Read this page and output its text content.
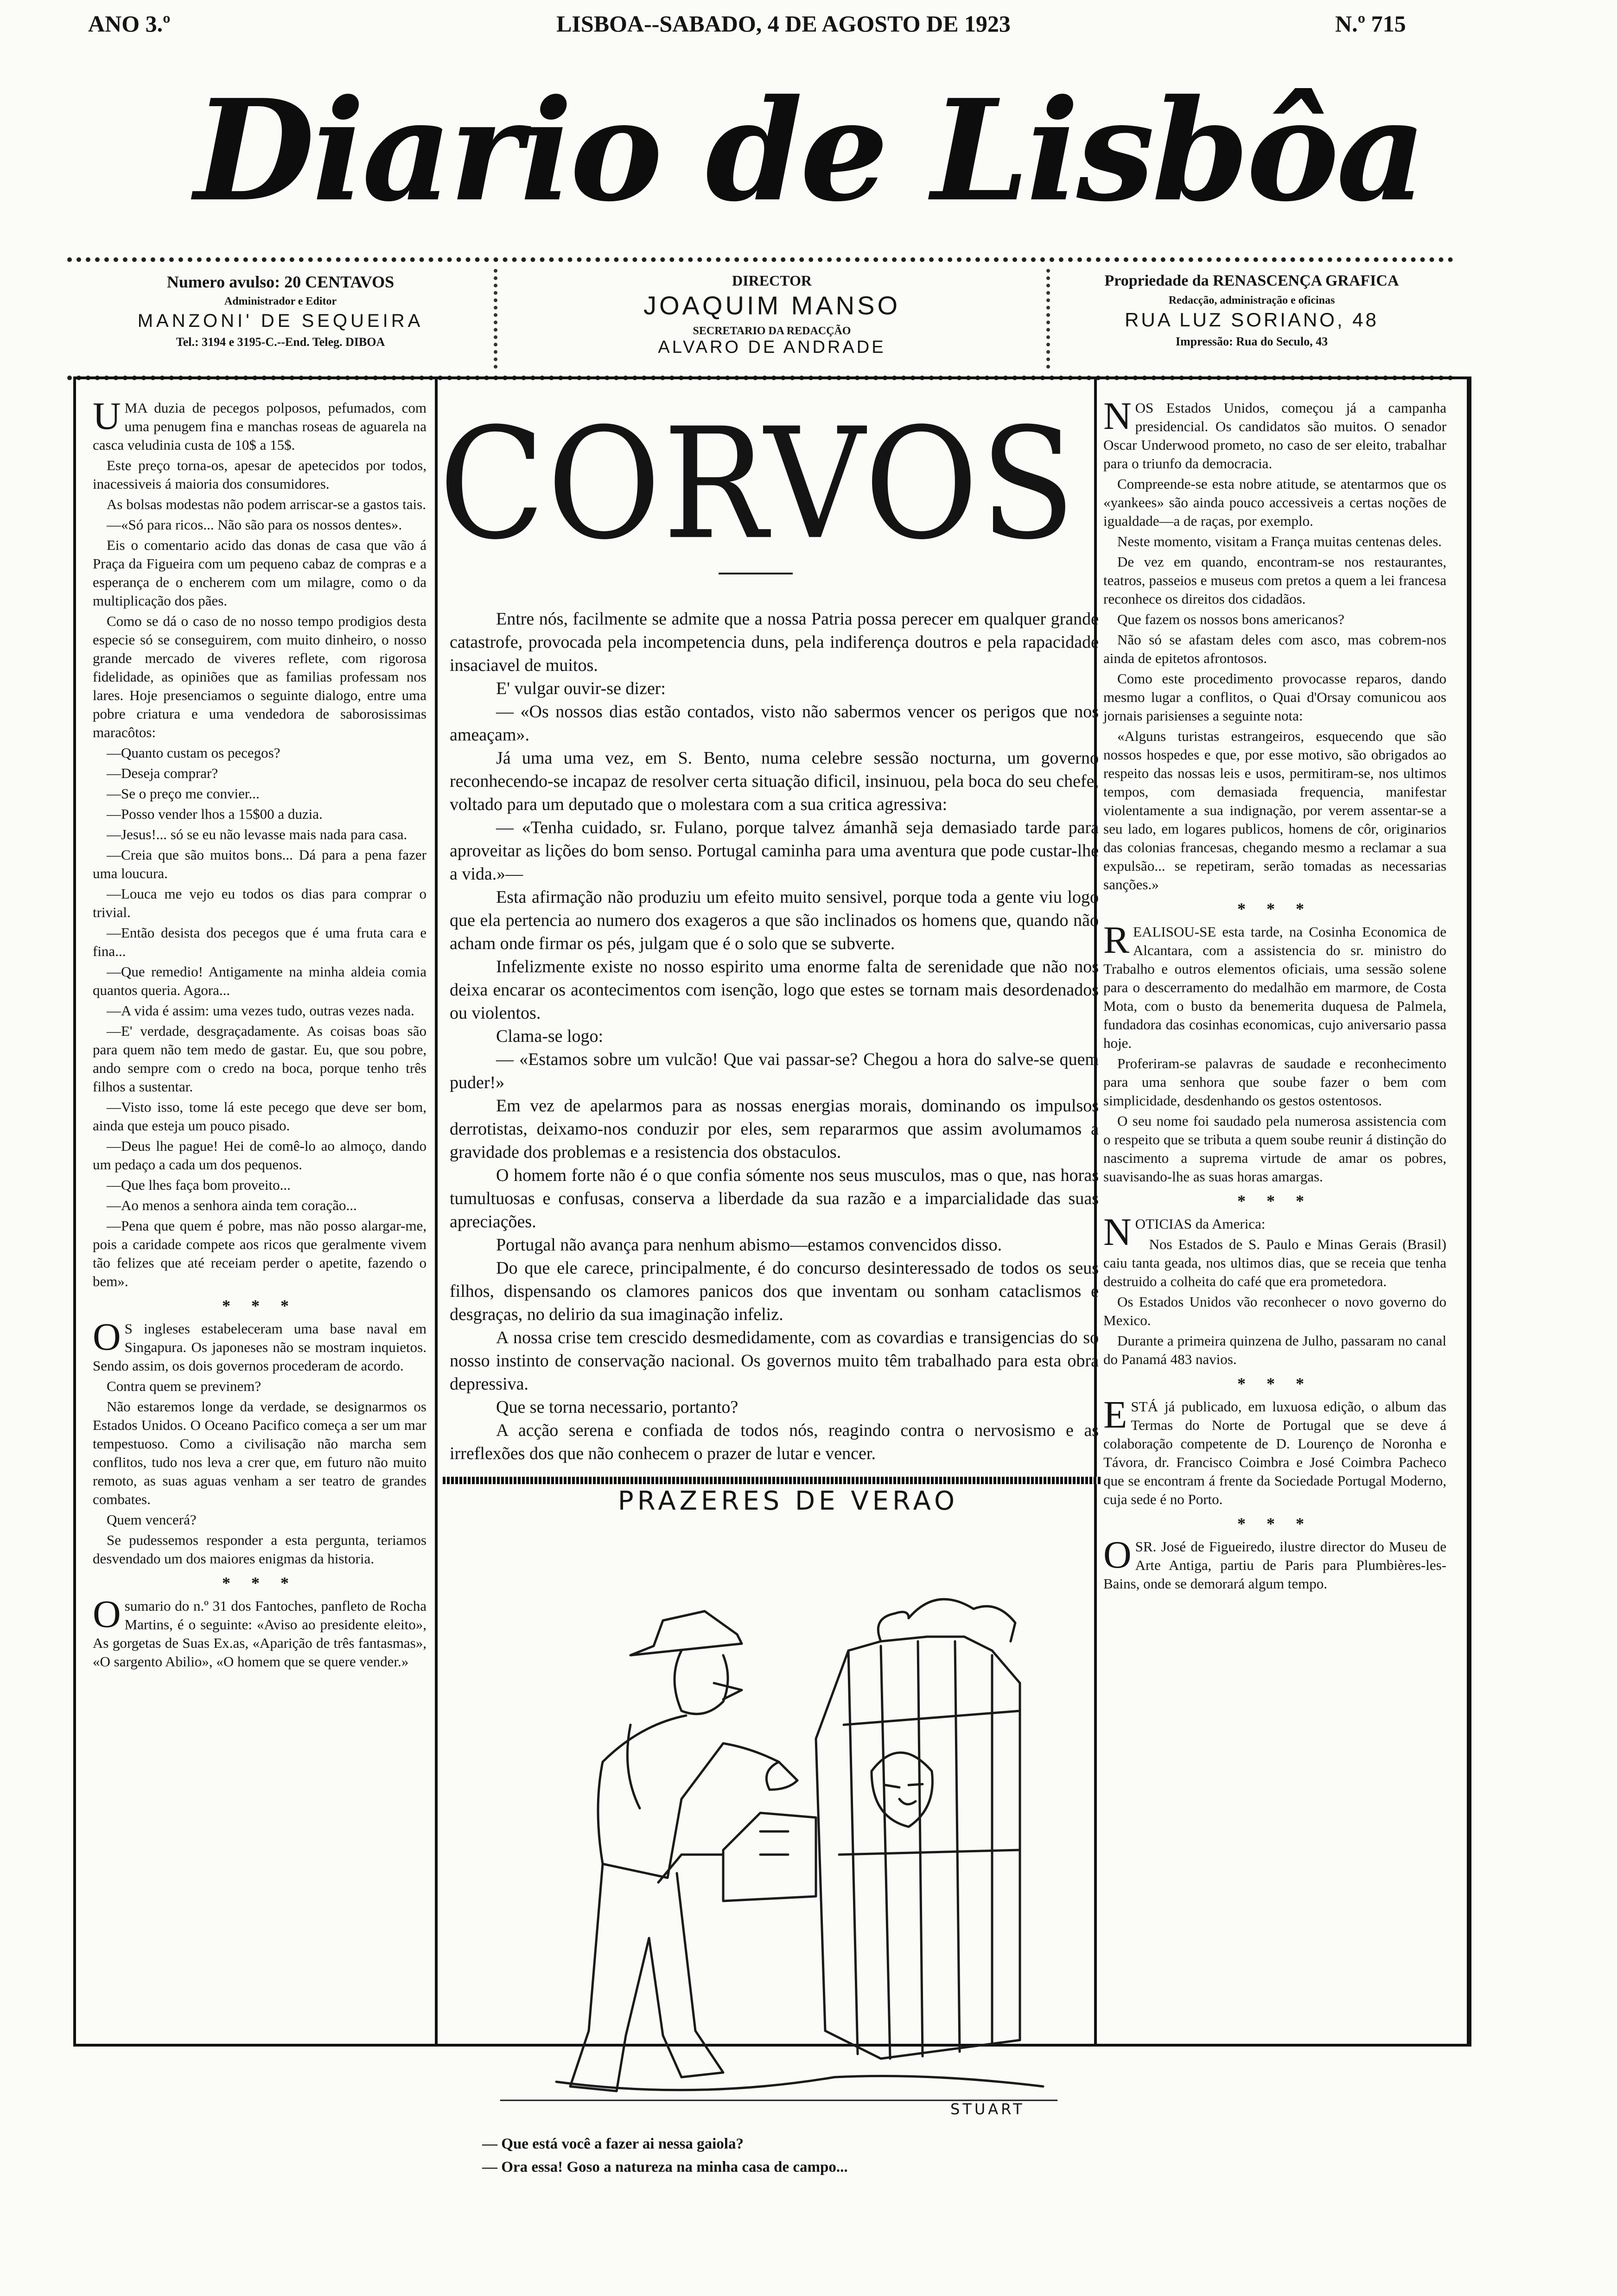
ANO 3.º	LISBOA--SABADO, 4 DE AGOSTO DE 1923	N.º 715
Diario de Lisbôa
Numero avulso: 20 CENTAVOS
Administrador e Editor
MANZONI' DE SEQUEIRA
Tel.: 3194 e 3195-C.--End. Teleg. DIBOA
DIRECTOR
JOAQUIM MANSO
SECRETARIO DA REDACÇÃO
ALVARO DE ANDRADE
Propriedade da RENASCENÇA GRAFICA
Redacção, administração e oficinas
RUA LUZ SORIANO, 48
Impressão: Rua do Seculo, 43

UMA duzia de pecegos polposos, pefumados, com uma penugem fina e manchas roseas de aguarela na casca veludinia custa de 10$ a 15$.

Este preço torna-os, apesar de apetecidos por todos, inacessiveis á maioria dos consumidores.

As bolsas modestas não podem arriscar-se a gastos tais.

—«Só para ricos... Não são para os nossos dentes».

Eis o comentario acido das donas de casa que vão á Praça da Figueira com um pequeno cabaz de compras e a esperança de o encherem com um milagre, como o da multiplicação dos pães.

Como se dá o caso de no nosso tempo prodigios desta especie só se conseguirem, com muito dinheiro, o nosso grande mercado de viveres reflete, com rigorosa fidelidade, as opiniões que as familias professam nos lares. Hoje presenciamos o seguinte dialogo, entre uma pobre criatura e uma vendedora de saborosissimas maracôtos:

—Quanto custam os pecegos?

—Deseja comprar?

—Se o preço me convier...

—Posso vender lhos a 15$00 a duzia.

—Jesus!... só se eu não levasse mais nada para casa.

—Creia que são muitos bons... Dá para a pena fazer uma loucura.

—Louca me vejo eu todos os dias para comprar o trivial.

—Então desista dos pecegos que é uma fruta cara e fina...

—Que remedio! Antigamente na minha aldeia comia quantos queria. Agora...

—A vida é assim: uma vezes tudo, outras vezes nada.

—E' verdade, desgraçadamente. As coisas boas são para quem não tem medo de gastar. Eu, que sou pobre, ando sempre com o credo na boca, porque tenho três filhos a sustentar.

—Visto isso, tome lá este pecego que deve ser bom, ainda que esteja um pouco pisado.

—Deus lhe pague! Hei de comê-lo ao almoço, dando um pedaço a cada um dos pequenos.

—Que lhes faça bom proveito...

—Ao menos a senhora ainda tem coração...

—Pena que quem é pobre, mas não posso alargar-me, pois a caridade compete aos ricos que geralmente vivem tão felizes que até receiam perder o apetite, fazendo o bem».

* * *

O S ingleses estabeleceram uma base naval em Singapura. Os japoneses não se mostram inquietos. Sendo assim, os dois governos procederam de acordo.

Contra quem se previnem?

Não estaremos longe da verdade, se designarmos os Estados Unidos. O Oceano Pacifico começa a ser um mar tempestuoso. Como a civilisação não marcha sem conflitos, tudo nos leva a crer que, em futuro não muito remoto, as suas aguas venham a ser teatro de grandes combates.

Quem vencerá?

Se pudessemos responder a esta pergunta, teriamos desvendado um dos maiores enigmas da historia.

* * *

Osumario do n.º 31 dos Fantoches, panfleto de Rocha Martins, é o seguinte: «Aviso ao presidente eleito», As gorgetas de Suas Ex.as, «Aparição de três fantasmas», «O sargento Abilio», «O homem que se quere vender.»

CORVOS

Entre nós, facilmente se admite que a nossa Patria possa perecer em qualquer grande catastrofe, provocada pela incompetencia duns, pela indiferença doutros e pela rapacidade insaciavel de muitos.

E' vulgar ouvir-se dizer:

— «Os nossos dias estão contados, visto não sabermos vencer os perigos que nos ameaçam».

Já uma uma vez, em S. Bento, numa celebre sessão nocturna, um governo reconhecendo-se incapaz de resolver certa situação dificil, insinuou, pela boca do seu chefe, voltado para um deputado que o molestara com a sua critica agressiva:

— «Tenha cuidado, sr. Fulano, porque talvez ámanhã seja demasiado tarde para aproveitar as lições do bom senso. Portugal caminha para uma aventura que pode custar-lhe a vida.»—

Esta afirmação não produziu um efeito muito sensivel, porque toda a gente viu logo que ela pertencia ao numero dos exageros a que são inclinados os homens que, quando não acham onde firmar os pés, julgam que é o solo que se subverte.

Infelizmente existe no nosso espirito uma enorme falta de serenidade que não nos deixa encarar os acontecimentos com isenção, logo que estes se tornam mais desordenados ou violentos.

Clama-se logo:

— «Estamos sobre um vulcão! Que vai passar-se? Chegou a hora do salve-se quem puder!»

Em vez de apelarmos para as nossas energias morais, dominando os impulsos derrotistas, deixamo-nos conduzir por eles, sem repararmos que assim avolumamos a gravidade dos problemas e a resistencia dos obstaculos.

O homem forte não é o que confia sómente nos seus musculos, mas o que, nas horas tumultuosas e confusas, conserva a liberdade da sua razão e a imparcialidade das suas apreciações.

Portugal não avança para nenhum abismo—estamos convencidos disso.

Do que ele carece, principalmente, é do concurso desinteressado de todos os seus filhos, dispensando os clamores panicos dos que inventam ou sonham cataclismos e desgraças, no delirio da sua imaginação infeliz.

A nossa crise tem crescido desmedidamente, com as covardias e transigencias do so nosso instinto de conservação nacional. Os governos muito têm trabalhado para esta obra depressiva.

Que se torna necessario, portanto?

A acção serena e confiada de todos nós, reagindo contra o nervosismo e as irreflexões dos que não conhecem o prazer de lutar e vencer.

PRAZERES DE VERAO
STUART
— Que está você a fazer ai nessa gaiola?
— Ora essa! Goso a natureza na minha casa de campo...

NOS Estados Unidos, começou já a campanha presidencial. Os candidatos são muitos. O senador Oscar Underwood prometo, no caso de ser eleito, trabalhar para o triunfo da democracia.

Compreende-se esta nobre atitude, se atentarmos que os «yankees» são ainda pouco accessiveis a certas noções de igualdade—a de raças, por exemplo.

Neste momento, visitam a França muitas centenas deles.

De vez em quando, encontram-se nos restaurantes, teatros, passeios e museus com pretos a quem a lei francesa reconhece os direitos dos cidadãos.

Que fazem os nossos bons americanos?

Não só se afastam deles com asco, mas cobrem-nos ainda de epitetos afrontosos.

Como este procedimento provocasse reparos, dando mesmo lugar a conflitos, o Quai d'Orsay comunicou aos jornais parisienses a seguinte nota:

«Alguns turistas estrangeiros, esquecendo que são nossos hospedes e que, por esse motivo, são obrigados ao respeito das nossas leis e usos, permitiram-se, nos ultimos tempos, com demasiada frequencia, manifestar violentamente a sua indignação, por verem assentar-se a seu lado, em logares publicos, homens de côr, originarios das colonias francesas, chegando mesmo a reclamar a sua expulsão... se repetiram, serão tomadas as necessarias sanções.»

* * *

REALISOU-SE esta tarde, na Cosinha Economica de Alcantara, com a assistencia do sr. ministro do Trabalho e outros elementos oficiais, uma sessão solene para o descerramento do medalhão em marmore, de Costa Mota, com o busto da benemerita duquesa de Palmela, fundadora das cosinhas economicas, cujo aniversario passa hoje.

Proferiram-se palavras de saudade e reconhecimento para uma senhora que soube fazer o bem com simplicidade, desdenhando os gestos ostentosos.

O seu nome foi saudado pela numerosa assistencia com o respeito que se tributa a quem soube reunir á distinção do nascimento a suprema virtude de amar os pobres, suavisando-lhe as suas horas amargas.

* * *

NOTICIAS da America:

Nos Estados de S. Paulo e Minas Gerais (Brasil) caiu tanta geada, nos ultimos dias, que se receia que tenha destruido a colheita do café que era prometedora.

Os Estados Unidos vão reconhecer o novo governo do Mexico.

Durante a primeira quinzena de Julho, passaram no canal do Panamá 483 navios.

* * *

ESTÁ já publicado, em luxuosa edição, o album das Termas do Norte de Portugal que se deve á colaboração competente de D. Lourenço de Noronha e Távora, dr. Francisco Coimbra e José Coimbra Pacheco que se encontram á frente da Sociedade Portugal Moderno, cuja sede é no Porto.

* * *

OSR. José de Figueiredo, ilustre director do Museu de Arte Antiga, partiu de Paris para Plumbières-les-Bains, onde se demorará algum tempo.
